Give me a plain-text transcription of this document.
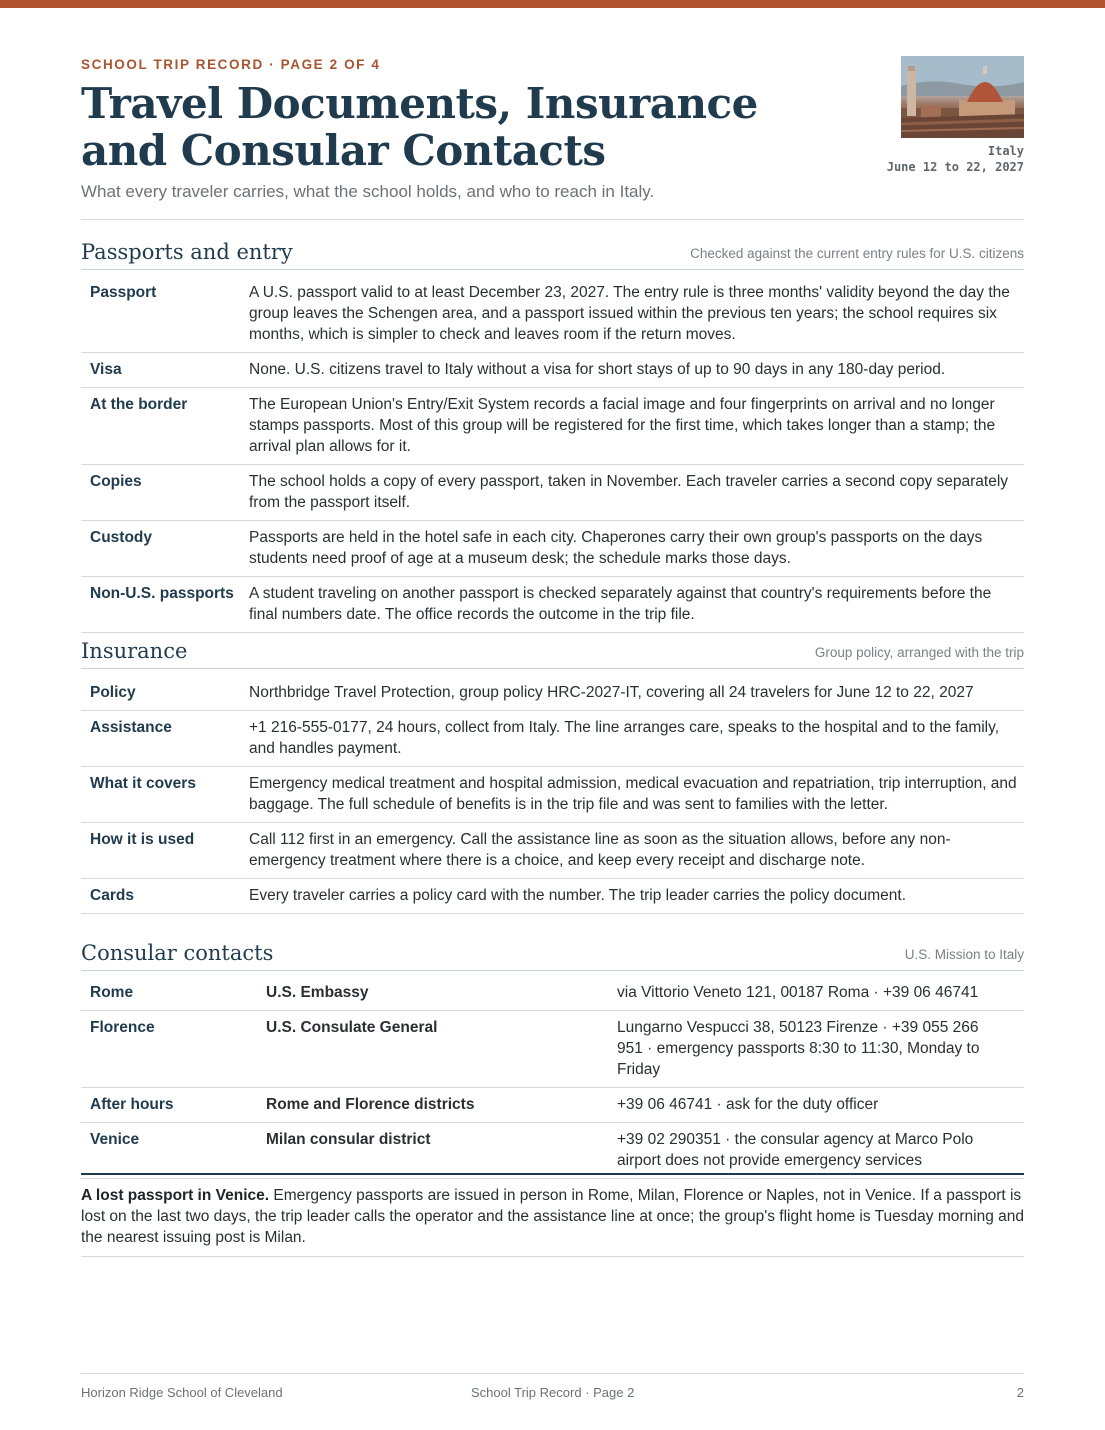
SCHOOL TRIP RECORD · PAGE 2 OF 4
Travel Documents, Insurance and Consular Contacts
What every traveler carries, what the school holds, and who to reach in Italy.
Italy
June 12 to 22, 2027
Passports and entry	Checked against the current entry rules for U.S. citizens
Passport	A U.S. passport valid to at least December 23, 2027. The entry rule is three months' validity beyond the day the group leaves the Schengen area, and a passport issued within the previous ten years; the school requires six months, which is simpler to check and leaves room if the return moves.
Visa	None. U.S. citizens travel to Italy without a visa for short stays of up to 90 days in any 180-day period.
At the border	The European Union's Entry/Exit System records a facial image and four fingerprints on arrival and no longer stamps passports. Most of this group will be registered for the first time, which takes longer than a stamp; the arrival plan allows for it.
Copies	The school holds a copy of every passport, taken in November. Each traveler carries a second copy separately from the passport itself.
Custody	Passports are held in the hotel safe in each city. Chaperones carry their own group's passports on the days students need proof of age at a museum desk; the schedule marks those days.
Non-U.S. passports	A student traveling on another passport is checked separately against that country's requirements before the final numbers date. The office records the outcome in the trip file.
Insurance	Group policy, arranged with the trip
Policy	Northbridge Travel Protection, group policy HRC-2027-IT, covering all 24 travelers for June 12 to 22, 2027
Assistance	+1 216-555-0177, 24 hours, collect from Italy. The line arranges care, speaks to the hospital and to the family, and handles payment.
What it covers	Emergency medical treatment and hospital admission, medical evacuation and repatriation, trip interruption, and baggage. The full schedule of benefits is in the trip file and was sent to families with the letter.
How it is used	Call 112 first in an emergency. Call the assistance line as soon as the situation allows, before any non-emergency treatment where there is a choice, and keep every receipt and discharge note.
Cards	Every traveler carries a policy card with the number. The trip leader carries the policy document.
Consular contacts	U.S. Mission to Italy
Rome	U.S. Embassy	via Vittorio Veneto 121, 00187 Roma · +39 06 46741
Florence	U.S. Consulate General	Lungarno Vespucci 38, 50123 Firenze · +39 055 266 951 · emergency passports 8:30 to 11:30, Monday to Friday
After hours	Rome and Florence districts	+39 06 46741 · ask for the duty officer
Venice	Milan consular district	+39 02 290351 · the consular agency at Marco Polo airport does not provide emergency services
A lost passport in Venice. Emergency passports are issued in person in Rome, Milan, Florence or Naples, not in Venice. If a passport is lost on the last two days, the trip leader calls the operator and the assistance line at once; the group's flight home is Tuesday morning and the nearest issuing post is Milan.
Horizon Ridge School of Cleveland	School Trip Record · Page 2	2
